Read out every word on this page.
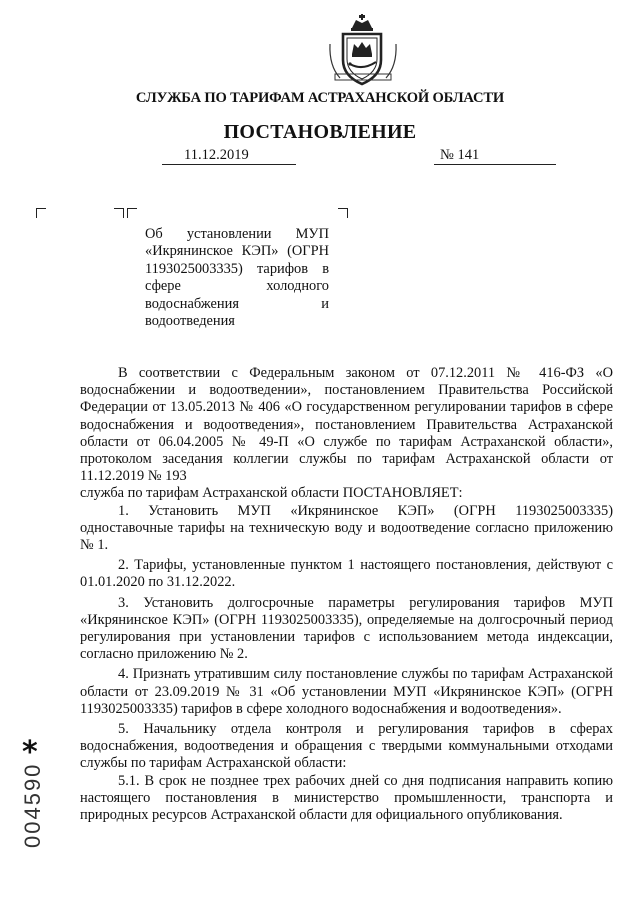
СЛУЖБА ПО ТАРИФАМ АСТРАХАНСКОЙ ОБЛАСТИ
ПОСТАНОВЛЕНИЕ
11.12.2019	№ 141
Об установлении МУП
«Икрянинское КЭП» (ОГРН
1193025003335) тарифов в
сфере холодного
водоснабжения и
водоотведения

В соответствии с Федеральным законом от 07.12.2011 № 416-ФЗ «О водоснабжении и водоотведении», постановлением Правительства Российской Федерации от 13.05.2013 № 406 «О государственном регулировании тарифов в сфере водоснабжения и водоотведения», постановлением Правительства Астраханской области от 06.04.2005 № 49-П «О службе по тарифам Астраханской области», протоколом заседания коллегии службы по тарифам Астраханской области от 11.12.2019 № 193

служба по тарифам Астраханской области ПОСТАНОВЛЯЕТ:

1. Установить МУП «Икрянинское КЭП» (ОГРН 1193025003335) одноставочные тарифы на техническую воду и водоотведение согласно приложению № 1.

2. Тарифы, установленные пунктом 1 настоящего постановления, действуют с 01.01.2020 по 31.12.2022.

3. Установить долгосрочные параметры регулирования тарифов МУП «Икрянинское КЭП» (ОГРН 1193025003335), определяемые на долгосрочный период регулирования при установлении тарифов с использованием метода индексации, согласно приложению № 2.

4. Признать утратившим силу постановление службы по тарифам Астраханской области от 23.09.2019 № 31 «Об установлении МУП «Икрянинское КЭП» (ОГРН 1193025003335) тарифов в сфере холодного водоснабжения и водоотведения».

5. Начальнику отдела контроля и регулирования тарифов в сферах водоснабжения, водоотведения и обращения с твердыми коммунальными отходами службы по тарифам Астраханской области:

5.1. В срок не позднее трех рабочих дней со дня подписания направить копию настоящего постановления в министерство промышленности, транспорта и природных ресурсов Астраханской области для официального опубликования.

*
004590
